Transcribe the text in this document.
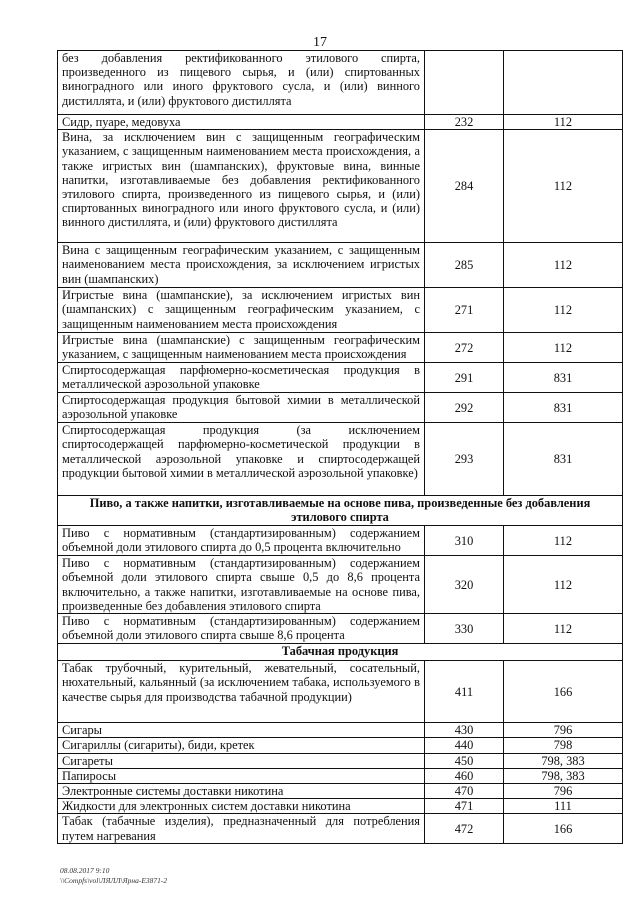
17
без добавления ректификованного этилового спирта, произведенного из пищевого сырья, и (или) спиртованных виноградного или иного фруктового сусла, и (или) винного дистиллята, и (или) фруктового дистиллята		
Сидр, пуаре, медовуха	232	112
Вина, за исключением вин с защищенным географическим указанием, с защищенным наименованием места происхождения, а также игристых вин (шампанских), фруктовые вина, винные напитки, изготавливаемые без добавления ректификованного этилового спирта, произведенного из пищевого сырья, и (или) спиртованных виноградного или иного фруктового сусла, и (или) винного дистиллята, и (или) фруктового дистиллята	284	112
Вина с защищенным географическим указанием, с защищенным наименованием места происхождения, за исключением игристых вин (шампанских)	285	112
Игристые вина (шампанские), за исключением игристых вин (шампанских) с защищенным географическим указанием, с защищенным наименованием места происхождения	271	112
Игристые вина (шампанские) с защищенным географическим указанием, с защищенным наименованием места происхождения	272	112
Спиртосодержащая парфюмерно-косметическая продукция в металлической аэрозольной упаковке	291	831
Спиртосодержащая продукция бытовой химии в металлической аэрозольной упаковке	292	831
Спиртосодержащая продукция (за исключением спиртосодержащей парфюмерно-косметической продукции в металлической аэрозольной упаковке и спиртосодержащей продукции бытовой химии в металлической аэрозольной упаковке)	293	831
Пиво, а также напитки, изготавливаемые на основе пива, произведенные без добавления этилового спирта		
Пиво с нормативным (стандартизированным) содержанием объемной доли этилового спирта до 0,5 процента включительно	310	112
Пиво с нормативным (стандартизированным) содержанием объемной доли этилового спирта свыше 0,5 до 8,6 процента включительно, а также напитки, изготавливаемые на основе пива, произведенные без добавления этилового спирта	320	112
Пиво с нормативным (стандартизированным) содержанием объемной доли этилового спирта свыше 8,6 процента	330	112
Табачная продукция		
Табак трубочный, курительный, жевательный, сосательный, нюхательный, кальянный (за исключением табака, используемого в качестве сырья для производства табачной продукции)	411	166
Сигары	430	796
Сигариллы (сигариты), биди, кретек	440	798
Сигареты	450	798, 383
Папиросы	460	798, 383
Электронные системы доставки никотина	470	796
Жидкости для электронных систем доставки никотина	471	111
Табак (табачные изделия), предназначенный для потребления путем нагревания	472	166
08.08.2017 9:10
\\Compfs\vol\ЛЯЛЛ\Ярна-Е3871-2
